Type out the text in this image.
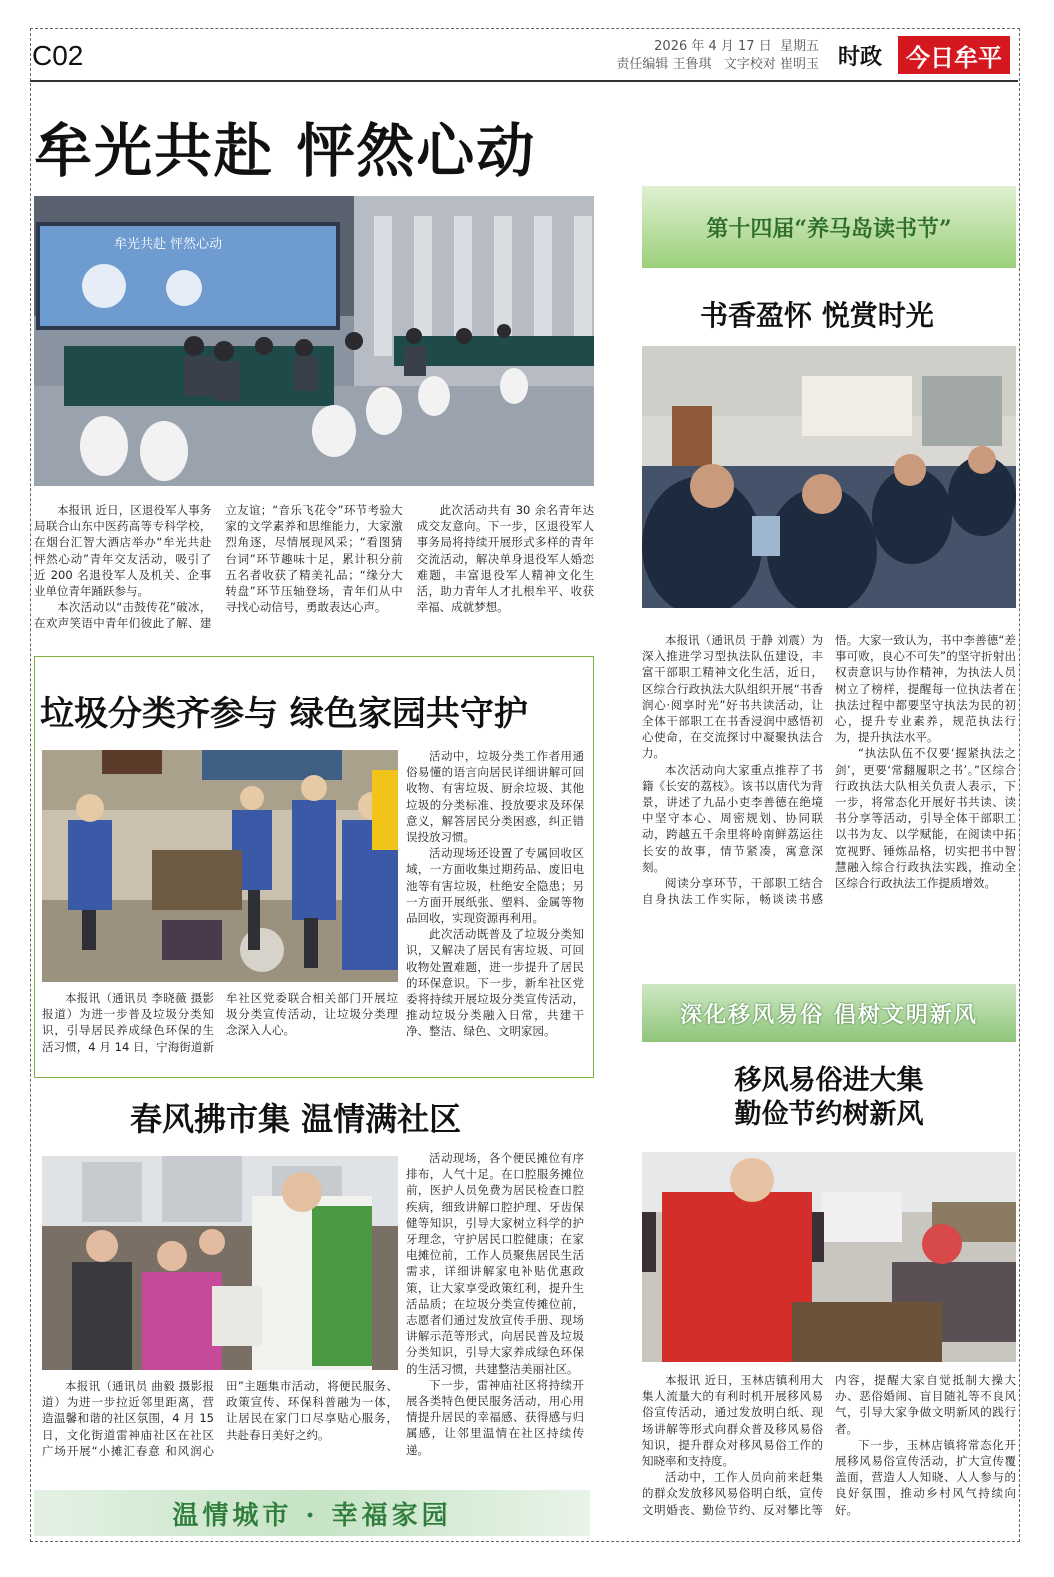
C02	2026 年 4 月 17 日 星期五
责任编辑 王鲁琪 文字校对 崔明玉 时政 今日牟平
牟光共赴 怦然心动
牟光共赴 怦然心动

本报讯 近日，区退役军人事务局联合山东中医药高等专科学校，在烟台汇智大酒店举办“牟光共赴 怦然心动”青年交友活动，吸引了近 200 名退役军人及机关、企事业单位青年踊跃参与。

本次活动以“击鼓传花”破冰，在欢声笑语中青年们彼此了解、建立友谊；“音乐飞花令”环节考验大家的文学素养和思维能力，大家激烈角逐，尽情展现风采；“看图猜台词”环节趣味十足，累计积分前五名者收获了精美礼品；“缘分大转盘”环节压轴登场，青年们从中寻找心动信号，勇敢表达心声。

此次活动共有 30 余名青年达成交友意向。下一步，区退役军人事务局将持续开展形式多样的青年交流活动，解决单身退役军人婚恋难题，丰富退役军人精神文化生活，助力青年人才扎根牟平、收获幸福、成就梦想。

垃圾分类齐参与 绿色家园共守护

本报讯（通讯员 李晓薇 摄影报道）为进一步普及垃圾分类知识，引导居民养成绿色环保的生活习惯，4 月 14 日，宁海街道新牟社区党委联合相关部门开展垃圾分类宣传活动，让垃圾分类理念深入人心。

活动中，垃圾分类工作者用通俗易懂的语言向居民详细讲解可回收物、有害垃圾、厨余垃圾、其他垃圾的分类标准、投放要求及环保意义，解答居民分类困惑，纠正错误投放习惯。

活动现场还设置了专属回收区域，一方面收集过期药品、废旧电池等有害垃圾，杜绝安全隐患；另一方面开展纸张、塑料、金属等物品回收，实现资源再利用。

此次活动既普及了垃圾分类知识，又解决了居民有害垃圾、可回收物处置难题，进一步提升了居民的环保意识。下一步，新牟社区党委将持续开展垃圾分类宣传活动，推动垃圾分类融入日常，共建干净、整洁、绿色、文明家园。

春风拂市集 温情满社区

本报讯（通讯员 曲毅 摄影报道）为进一步拉近邻里距离，营造温馨和谐的社区氛围，4 月 15 日，文化街道雷神庙社区在社区广场开展“小摊汇春意 和风润心田”主题集市活动，将便民服务、政策宣传、环保科普融为一体，让居民在家门口尽享贴心服务，共赴春日美好之约。

活动现场，各个便民摊位有序排布，人气十足。在口腔服务摊位前，医护人员免费为居民检查口腔疾病，细致讲解口腔护理、牙齿保健等知识，引导大家树立科学的护牙理念，守护居民口腔健康；在家电摊位前，工作人员聚焦居民生活需求，详细讲解家电补贴优惠政策，让大家享受政策红利，提升生活品质；在垃圾分类宣传摊位前，志愿者们通过发放宣传手册、现场讲解示范等形式，向居民普及垃圾分类知识，引导大家养成绿色环保的生活习惯，共建整洁美丽社区。

下一步，雷神庙社区将持续开展各类特色便民服务活动，用心用情提升居民的幸福感、获得感与归属感，让邻里温情在社区持续传递。

温情城市 · 幸福家园
第十四届“养马岛读书节”
书香盈怀 悦赏时光

本报讯（通讯员 于静 刘震）为深入推进学习型执法队伍建设，丰富干部职工精神文化生活，近日，区综合行政执法大队组织开展“书香润心·阅享时光”好书共读活动，让全体干部职工在书香浸润中感悟初心使命，在交流探讨中凝聚执法合力。

本次活动向大家重点推荐了书籍《长安的荔枝》。该书以唐代为背景，讲述了九品小吏李善德在绝境中坚守本心、周密规划、协同联动，跨越五千余里将岭南鲜荔运往长安的故事，情节紧凑，寓意深刻。

阅读分享环节，干部职工结合自身执法工作实际，畅谈读书感悟。大家一致认为，书中李善德“差事可败，良心不可失”的坚守折射出权责意识与协作精神，为执法人员树立了榜样，提醒每一位执法者在执法过程中都要坚守执法为民的初心，提升专业素养，规范执法行为，提升执法水平。

“执法队伍不仅要‘握紧执法之剑’，更要‘常翻履职之书’。”区综合行政执法大队相关负责人表示，下一步，将常态化开展好书共读、读书分享等活动，引导全体干部职工以书为友、以学赋能，在阅读中拓宽视野、锤炼品格，切实把书中智慧融入综合行政执法实践，推动全区综合行政执法工作提质增效。

深化移风易俗 倡树文明新风
移风易俗进大集
勤俭节约树新风

本报讯 近日，玉林店镇利用大集人流量大的有利时机开展移风易俗宣传活动，通过发放明白纸、现场讲解等形式向群众普及移风易俗知识，提升群众对移风易俗工作的知晓率和支持度。

活动中，工作人员向前来赶集的群众发放移风易俗明白纸，宣传文明婚丧、勤俭节约、反对攀比等内容，提醒大家自觉抵制大操大办、恶俗婚闹、盲目随礼等不良风气，引导大家争做文明新风的践行者。

下一步，玉林店镇将常态化开展移风易俗宣传活动，扩大宣传覆盖面，营造人人知晓、人人参与的良好氛围，推动乡村风气持续向好。
